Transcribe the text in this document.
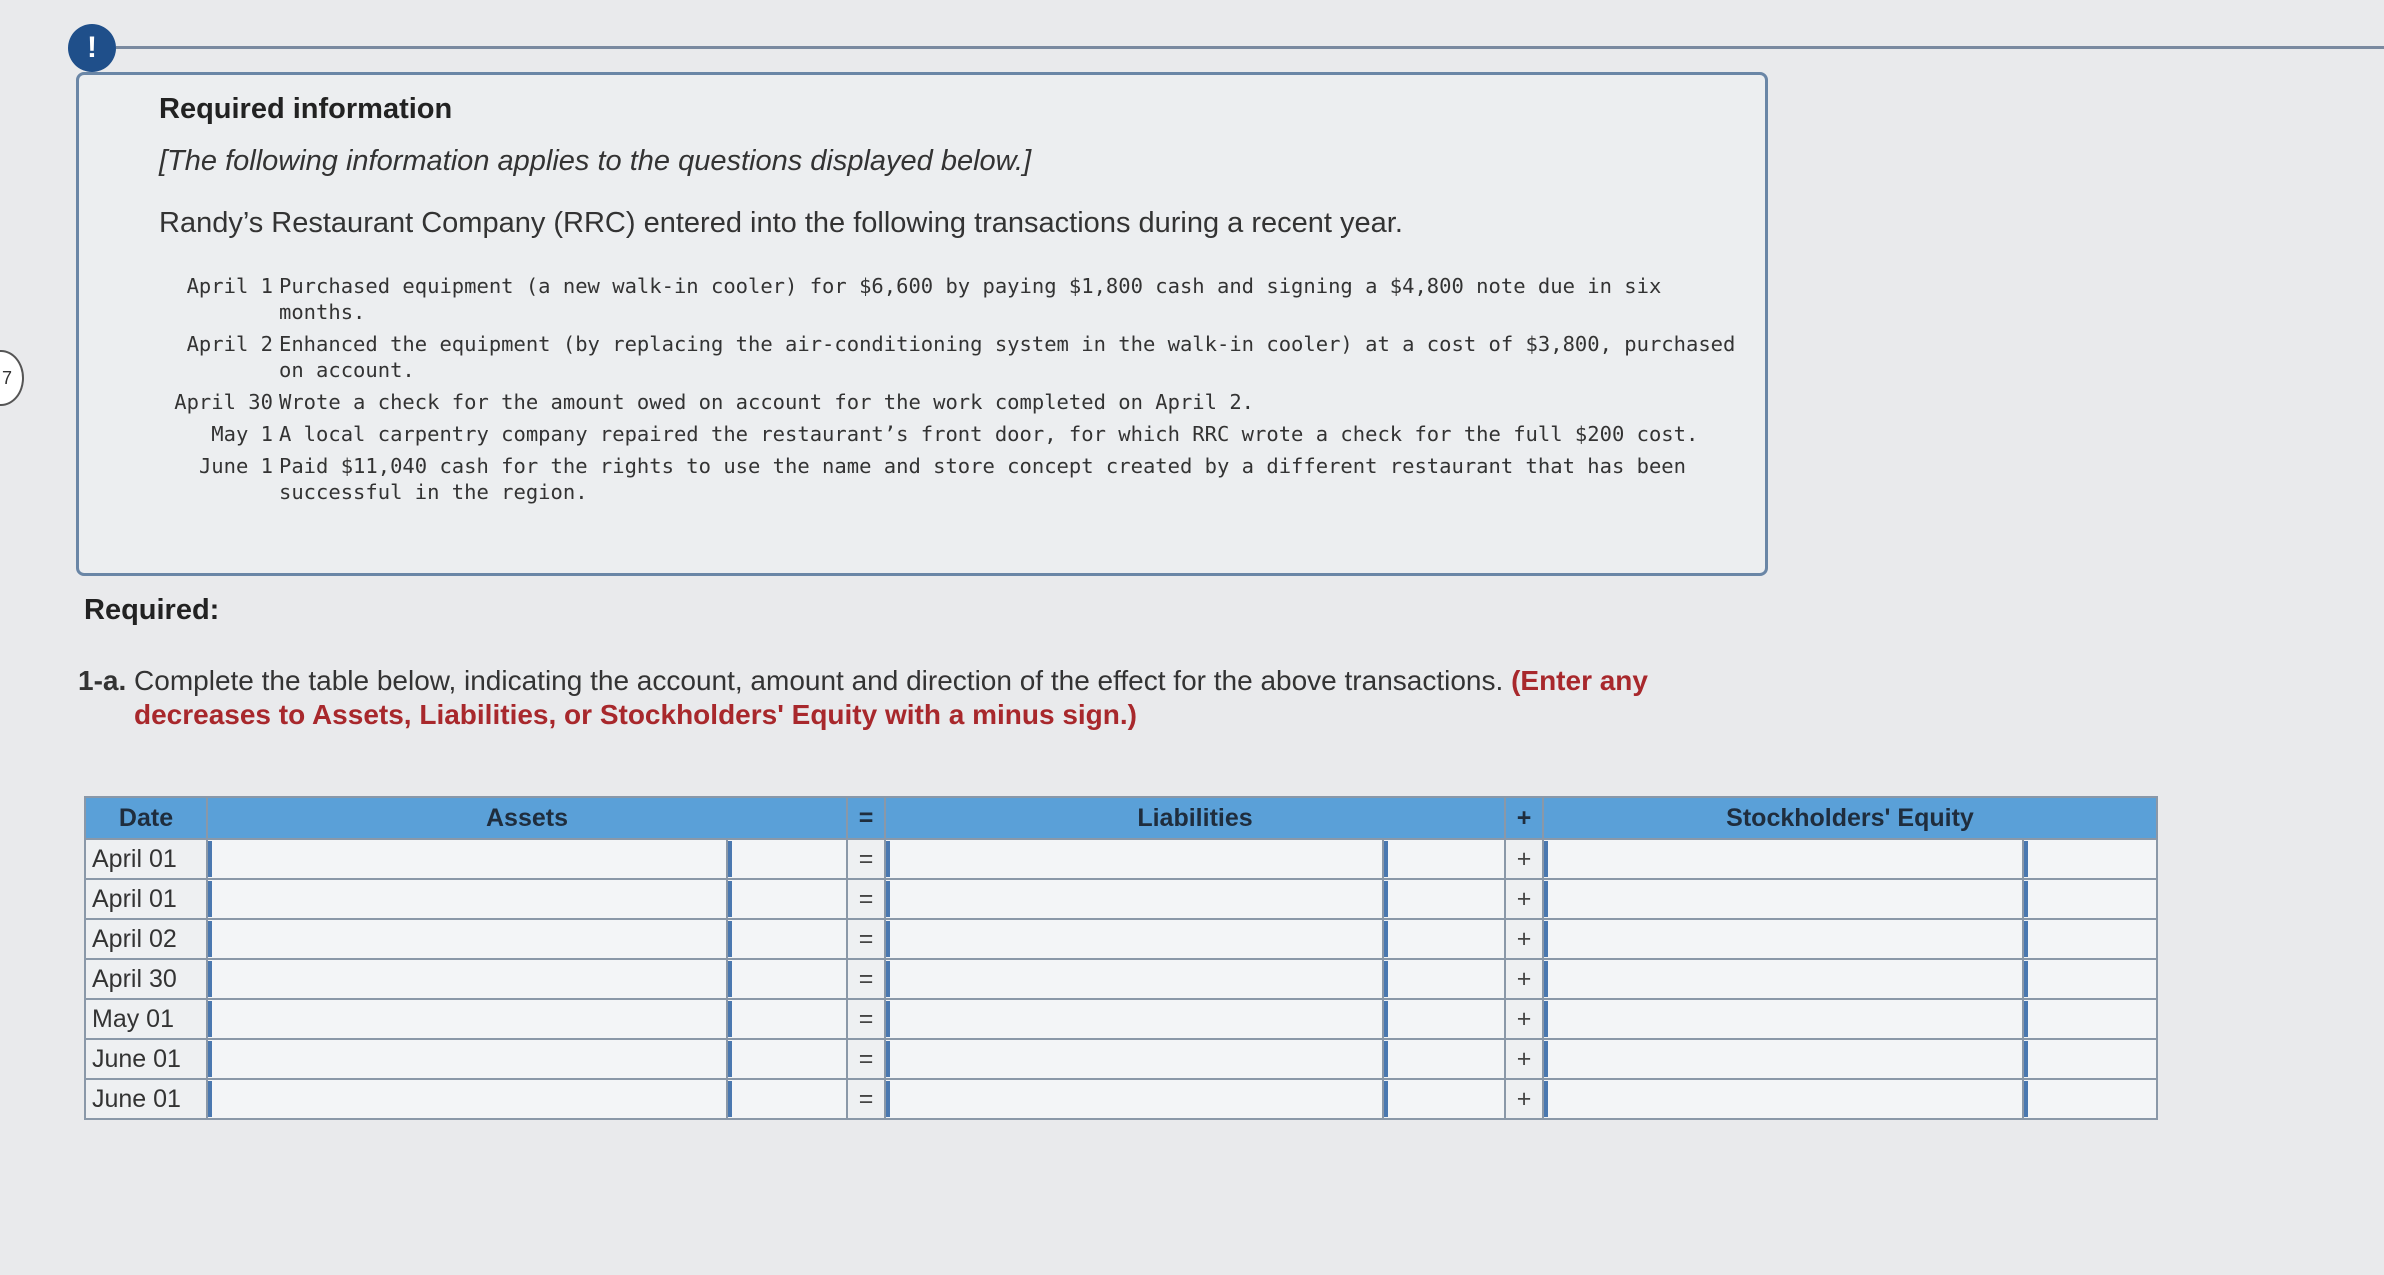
7
!
Required information
[The following information applies to the questions displayed below.]
Randy’s Restaurant Company (RRC) entered into the following transactions during a recent year.
April 1 Purchased equipment (a new walk-in cooler) for $6,600 by paying $1,800 cash and signing a $4,800 note due in six months.
April 2 Enhanced the equipment (by replacing the air-conditioning system in the walk-in cooler) at a cost of $3,800, purchased on account.
April 30 Wrote a check for the amount owed on account for the work completed on April 2.
May 1 A local carpentry company repaired the restaurant’s front door, for which RRC wrote a check for the full $200 cost.
June 1 Paid $11,040 cash for the rights to use the name and store concept created by a different restaurant that has been successful in the region.
Required:
1-a. Complete the table below, indicating the account, amount and direction of the effect for the above transactions. (Enter any
decreases to Assets, Liabilities, or Stockholders' Equity with a minus sign.)
Date	Assets		=	Liabilities		+	Stockholders' Equity	
April 01			=			+		
April 01			=			+		
April 02			=			+		
April 30			=			+		
May 01			=			+		
June 01			=			+		
June 01			=			+		
